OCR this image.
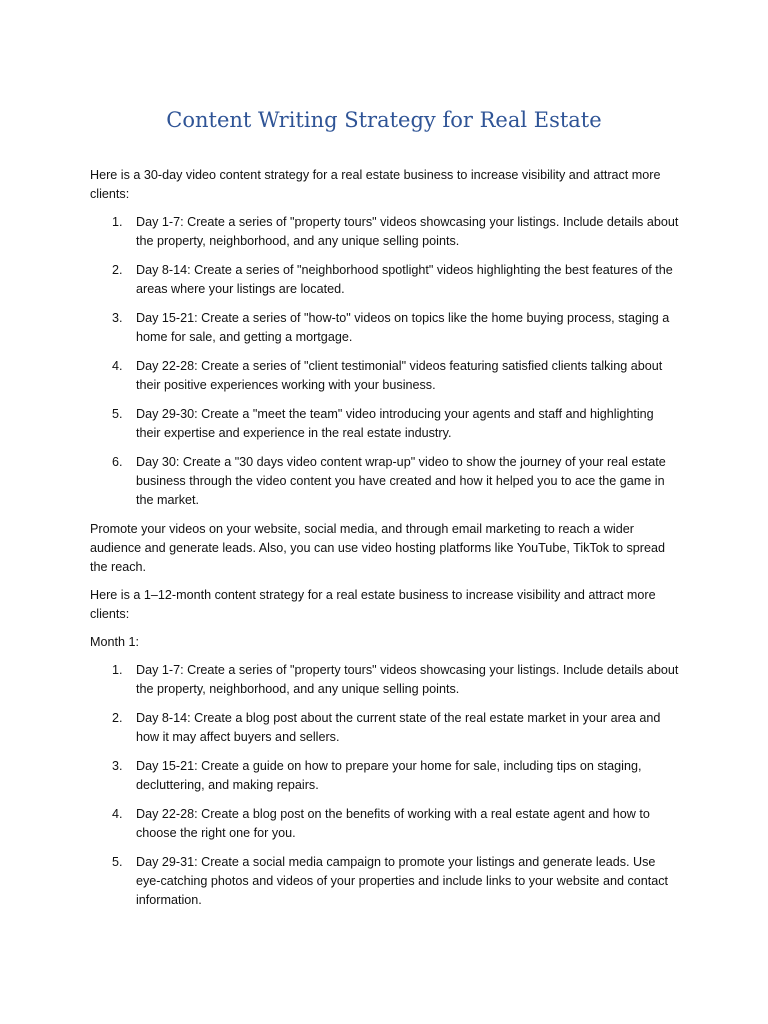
Content Writing Strategy for Real Estate

Here is a 30-day video content strategy for a real estate business to increase visibility and attract more clients:

1. Day 1-7: Create a series of "property tours" videos showcasing your listings. Include details about the property, neighborhood, and any unique selling points.
2. Day 8-14: Create a series of "neighborhood spotlight" videos highlighting the best features of the areas where your listings are located.
3. Day 15-21: Create a series of "how-to" videos on topics like the home buying process, staging a home for sale, and getting a mortgage.
4. Day 22-28: Create a series of "client testimonial" videos featuring satisfied clients talking about their positive experiences working with your business.
5. Day 29-30: Create a "meet the team" video introducing your agents and staff and highlighting their expertise and experience in the real estate industry.
6. Day 30: Create a "30 days video content wrap-up" video to show the journey of your real estate business through the video content you have created and how it helped you to ace the game in the market.

Promote your videos on your website, social media, and through email marketing to reach a wider audience and generate leads. Also, you can use video hosting platforms like YouTube, TikTok to spread the reach.

Here is a 1–12-month content strategy for a real estate business to increase visibility and attract more clients:

Month 1:

1. Day 1-7: Create a series of "property tours" videos showcasing your listings. Include details about the property, neighborhood, and any unique selling points.
2. Day 8-14: Create a blog post about the current state of the real estate market in your area and how it may affect buyers and sellers.
3. Day 15-21: Create a guide on how to prepare your home for sale, including tips on staging, decluttering, and making repairs.
4. Day 22-28: Create a blog post on the benefits of working with a real estate agent and how to choose the right one for you.
5. Day 29-31: Create a social media campaign to promote your listings and generate leads. Use eye-catching photos and videos of your properties and include links to your website and contact information.
